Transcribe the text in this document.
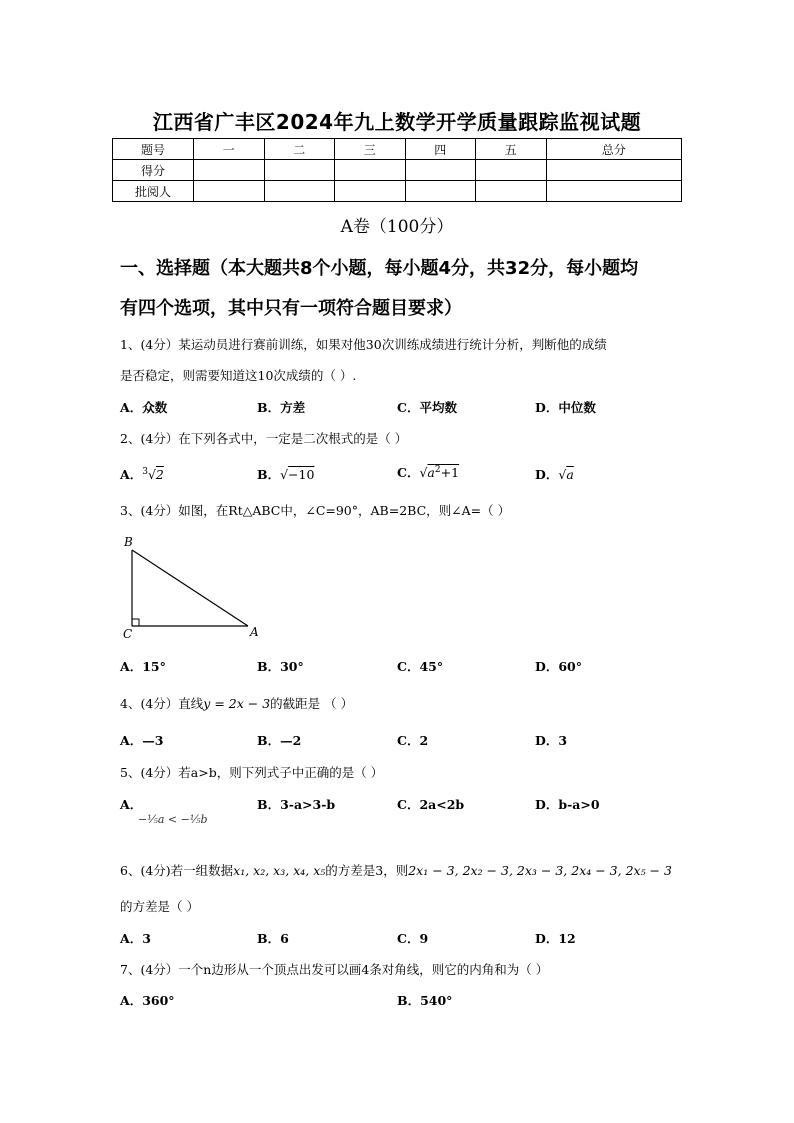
江西省广丰区2024年九上数学开学质量跟踪监视试题
题号	一	二	三	四	五	总分
得分						
批阅人						
A卷（100分）
一、选择题（本大题共8个小题，每小题4分，共32分，每小题均
有四个选项，其中只有一项符合题目要求）
1、(4分）某运动员进行赛前训练，如果对他30次训练成绩进行统计分析，判断他的成绩
是否稳定，则需要知道这10次成绩的（ ）.
A．众数	B．方差	C．平均数	D．中位数
2、(4分）在下列各式中，一定是二次根式的是（ ）
A．$^3$√2	B．√−10	C．$√a^2+1$	D．√a
3、(4分）如图，在Rt△ABC中，∠C=90°，AB=2BC，则∠A=（ ）
B
C	A
A．15°	B．30°	C．45°	D．60°
4、(4分）直线y = 2x − 3的截距是 （ ）
A．—3	B．—2	C．2	D．3
5、(4分）若a>b，则下列式子中正确的是（ ）
A．
−⅕a < −⅕b
B．3-a>3-b	C．2a<2b	D．b-a>0
6、(4分)若一组数据x₁, x₂, x₃, x₄, x₅的方差是3，则2x₁ − 3, 2x₂ − 3, 2x₃ − 3, 2x₄ − 3, 2x₅ − 3
的方差是（ ）
A．3	B．6	C．9	D．12
7、(4分）一个n边形从一个顶点出发可以画4条对角线，则它的内角和为（ ）
A．360°	B．540°
